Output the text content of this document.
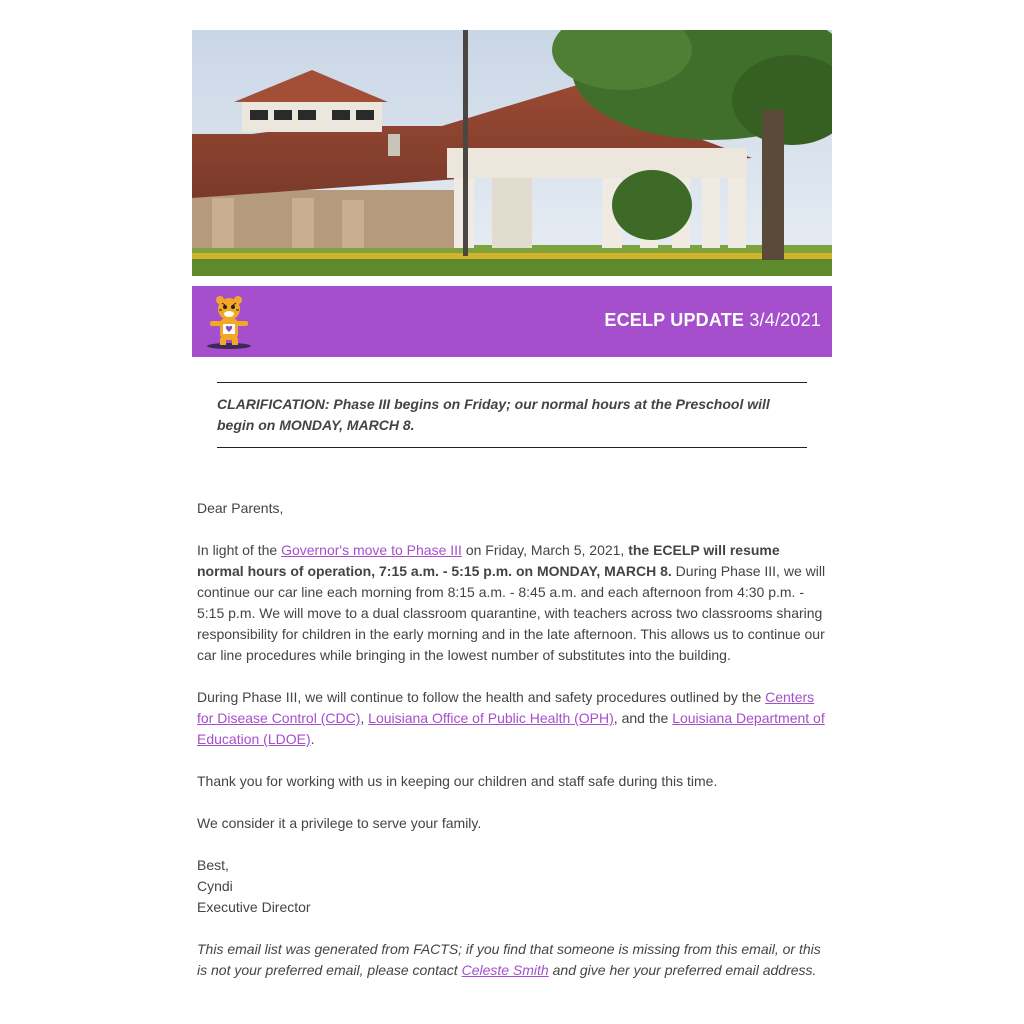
ECELP UPDATE 3/4/2021
CLARIFICATION: Phase III begins on Friday; our normal hours at the Preschool will begin on MONDAY, MARCH 8.

Dear Parents,

In light of the Governor's move to Phase III on Friday, March 5, 2021, the ECELP will resume normal hours of operation, 7:15 a.m. - 5:15 p.m. on MONDAY, MARCH 8. During Phase III, we will continue our car line each morning from 8:15 a.m. - 8:45 a.m. and each afternoon from 4:30 p.m. - 5:15 p.m. We will move to a dual classroom quarantine, with teachers across two classrooms sharing responsibility for children in the early morning and in the late afternoon. This allows us to continue our car line procedures while bringing in the lowest number of substitutes into the building.

During Phase III, we will continue to follow the health and safety procedures outlined by the Centers for Disease Control (CDC), Louisiana Office of Public Health (OPH), and the Louisiana Department of Education (LDOE).

Thank you for working with us in keeping our children and staff safe during this time.

We consider it a privilege to serve your family.

Best,
Cyndi
Executive Director

This email list was generated from FACTS; if you find that someone is missing from this email, or this is not your preferred email, please contact Celeste Smith and give her your preferred email address.
